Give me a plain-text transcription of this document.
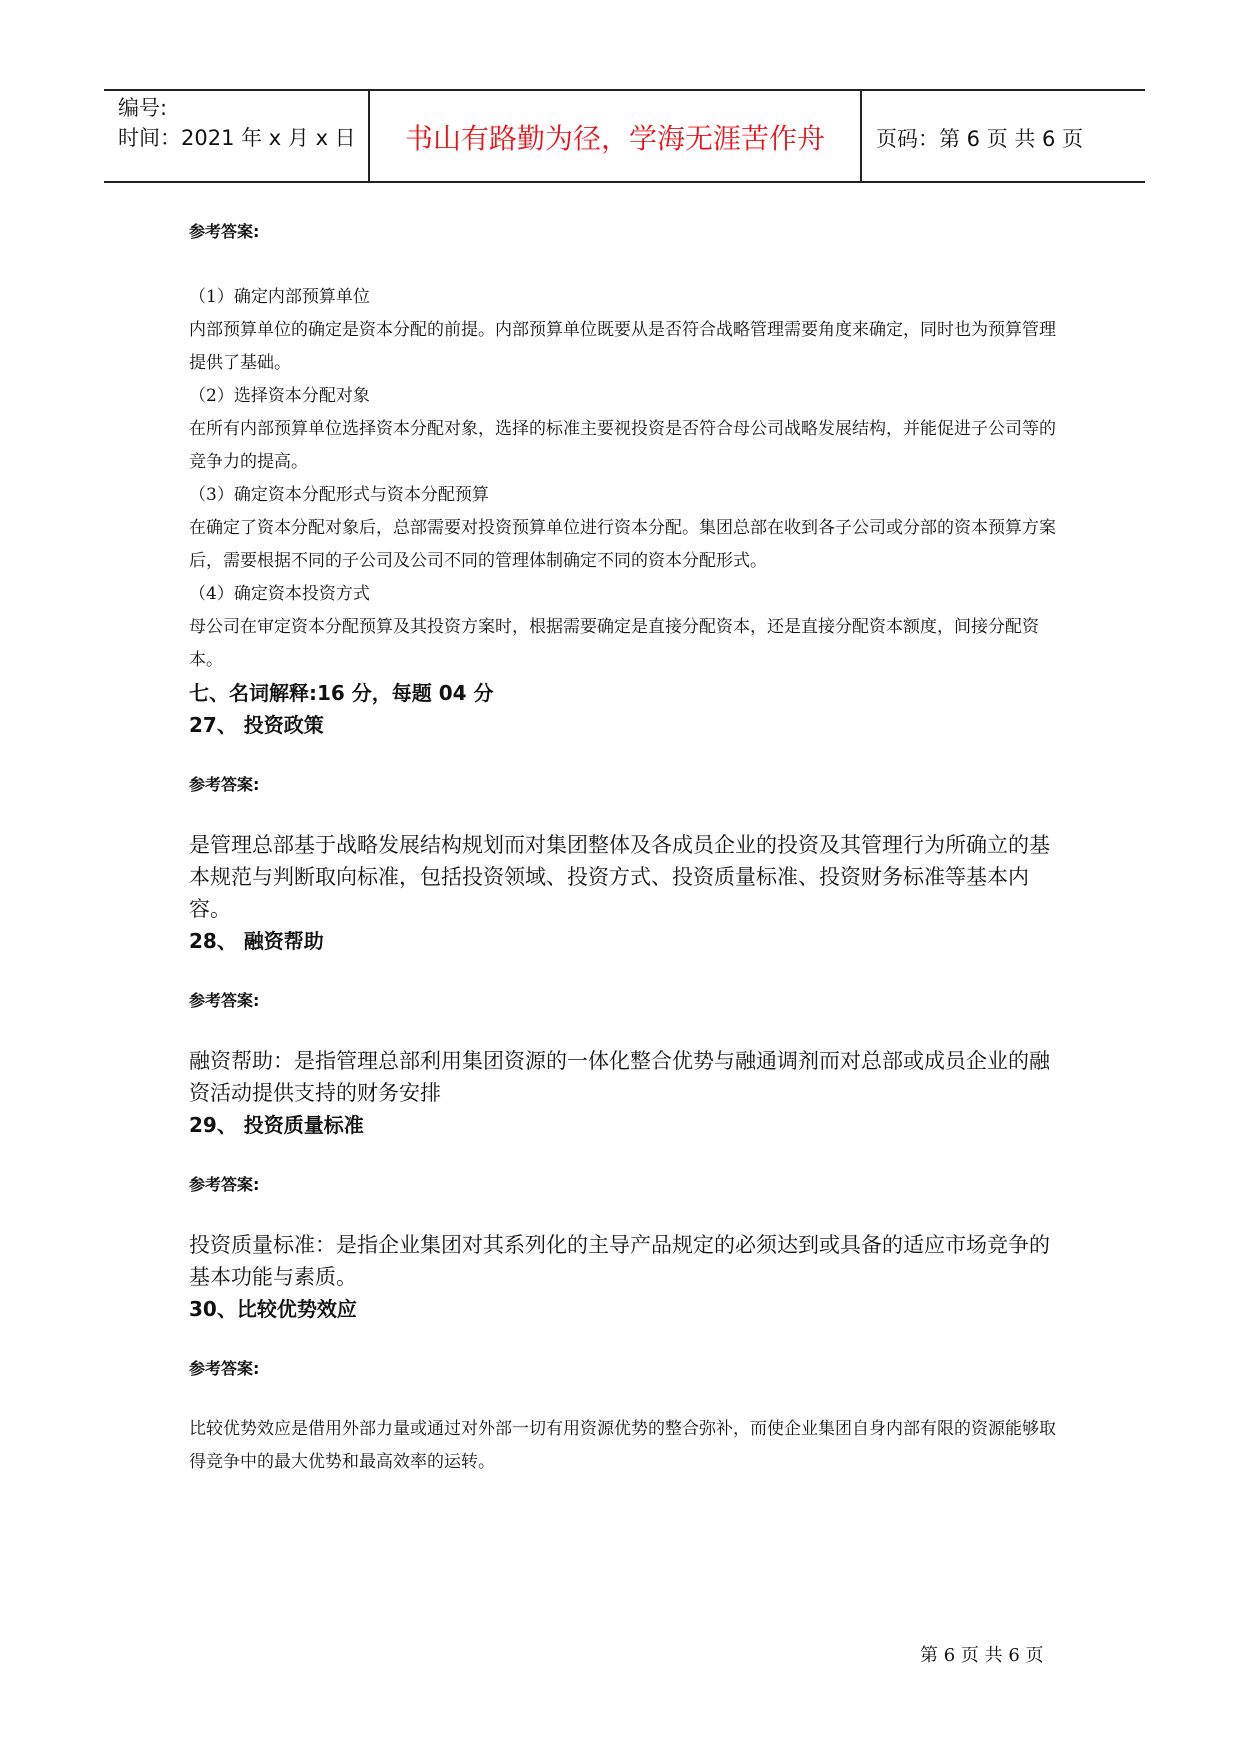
编号:
时间：2021 年 x 月 x 日	书山有路勤为径，学海无涯苦作舟	页码：第 6 页 共 6 页
参考答案:

（1）确定内部预算单位

内部预算单位的确定是资本分配的前提。内部预算单位既要从是否符合战略管理需要角度来确定，同时也为预算管理提供了基础。

（2）选择资本分配对象

在所有内部预算单位选择资本分配对象，选择的标准主要视投资是否符合母公司战略发展结构，并能促进子公司等的竞争力的提高。

（3）确定资本分配形式与资本分配预算

在确定了资本分配对象后，总部需要对投资预算单位进行资本分配。集团总部在收到各子公司或分部的资本预算方案后，需要根据不同的子公司及公司不同的管理体制确定不同的资本分配形式。

（4）确定资本投资方式

母公司在审定资本分配预算及其投资方案时，根据需要确定是直接分配资本，还是直接分配资本额度，间接分配资本。

七、名词解释:16 分，每题 04 分

27、 投资政策

参考答案:

是管理总部基于战略发展结构规划而对集团整体及各成员企业的投资及其管理行为所确立的基本规范与判断取向标准，包括投资领域、投资方式、投资质量标准、投资财务标准等基本内容。

28、 融资帮助

参考答案:

融资帮助：是指管理总部利用集团资源的一体化整合优势与融通调剂而对总部或成员企业的融资活动提供支持的财务安排

29、 投资质量标准

参考答案:

投资质量标准：是指企业集团对其系列化的主导产品规定的必须达到或具备的适应市场竞争的基本功能与素质。

30、比较优势效应

参考答案:

比较优势效应是借用外部力量或通过对外部一切有用资源优势的整合弥补，而使企业集团自身内部有限的资源能够取得竞争中的最大优势和最高效率的运转。

第 6 页 共 6 页
